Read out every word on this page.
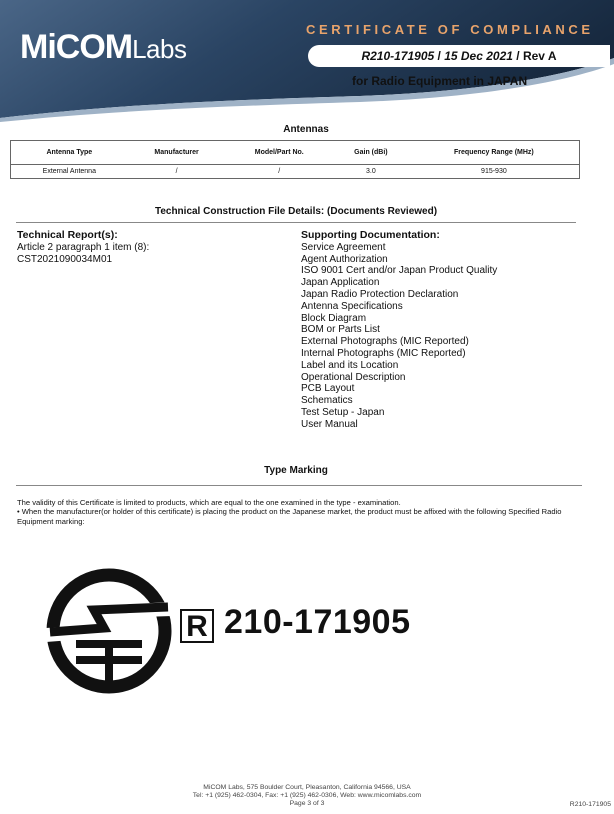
MiCOMLabs
CERTIFICATE OF COMPLIANCE
R210-171905 / 15 Dec 2021 / Rev A
for Radio Equipment in JAPAN
Antennas
Antenna Type	Manufacturer	Model/Part No.	Gain (dBi)	Frequency Range (MHz)
External Antenna	/	/	3.0	915-930
Technical Construction File Details: (Documents Reviewed)
Technical Report(s):
Article 2 paragraph 1 item (8):
CST2021090034M01
Supporting Documentation:
Service Agreement
Agent Authorization
ISO 9001 Cert and/or Japan Product Quality
Japan Application
Japan Radio Protection Declaration
Antenna Specifications
Block Diagram
BOM or Parts List
External Photographs (MIC Reported)
Internal Photographs (MIC Reported)
Label and its Location
Operational Description
PCB Layout
Schematics
Test Setup - Japan
User Manual
Type Marking
The validity of this Certificate is limited to products, which are equal to the one examined in the type - examination.
• When the manufacturer(or holder of this certificate) is placing the product on the Japanese market, the product must be affixed with the following Specified Radio Equipment marking:
R 210-171905
MiCOM Labs, 575 Boulder Court, Pleasanton, California 94566, USA
Tel: +1 (925) 462-0304, Fax: +1 (925) 462-0306, Web: www.micomlabs.com
Page 3 of 3	R210-171905
